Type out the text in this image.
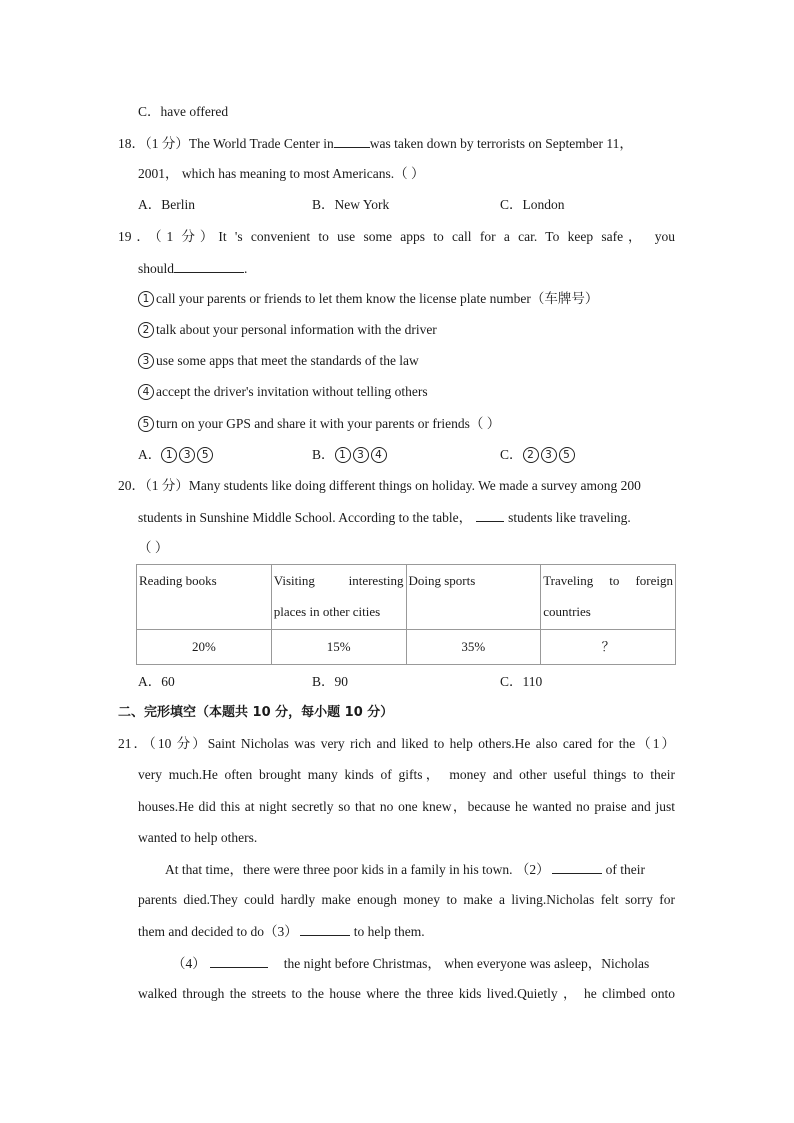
C．have offered
18．（1 分）The World Trade Center in	was taken down by terrorists on September 11，
2001， which has meaning to most Americans.（ ）
A．Berlin	B．New York	C．London
19．（1 分）It 's convenient to use some apps to call for a car. To keep safe， you
should	.
1 call your parents or friends to let them know the license plate number（车牌号）
2 talk about your personal information with the driver
3 use some apps that meet the standards of the law
4 accept the driver's invitation without telling others
5 turn on your GPS and share it with your parents or friends（ ）
A． 1 3 5	B． 1 3 4	C． 2 3 5
20．（1 分）Many students like doing different things on holiday. We made a survey among 200
students in Sunshine Middle School. According to the table，	students like traveling.
（ ）
Reading books	Visiting interesting places in other cities	Doing sports	Traveling to foreign countries
20%	15%	35%	？
A．60	B．90	C．110
二、完形填空（本题共 10 分，每小题 10 分）
21．（10 分）Saint Nicholas was very rich and liked to help others.He also cared for the（1）
very much.He often brought many kinds of gifts， money and other useful things to their
houses.He did this at night secretly so that no one knew，because he wanted no praise and just
wanted to help others.
At that time，there were three poor kids in a family in his town. （2）	of their
parents died.They could hardly make enough money to make a living.Nicholas felt sorry for
them and decided to do（3）	to help them.
（4）	the night before Christmas， when everyone was asleep，Nicholas
walked through the streets to the house where the three kids lived.Quietly ， he climbed onto
